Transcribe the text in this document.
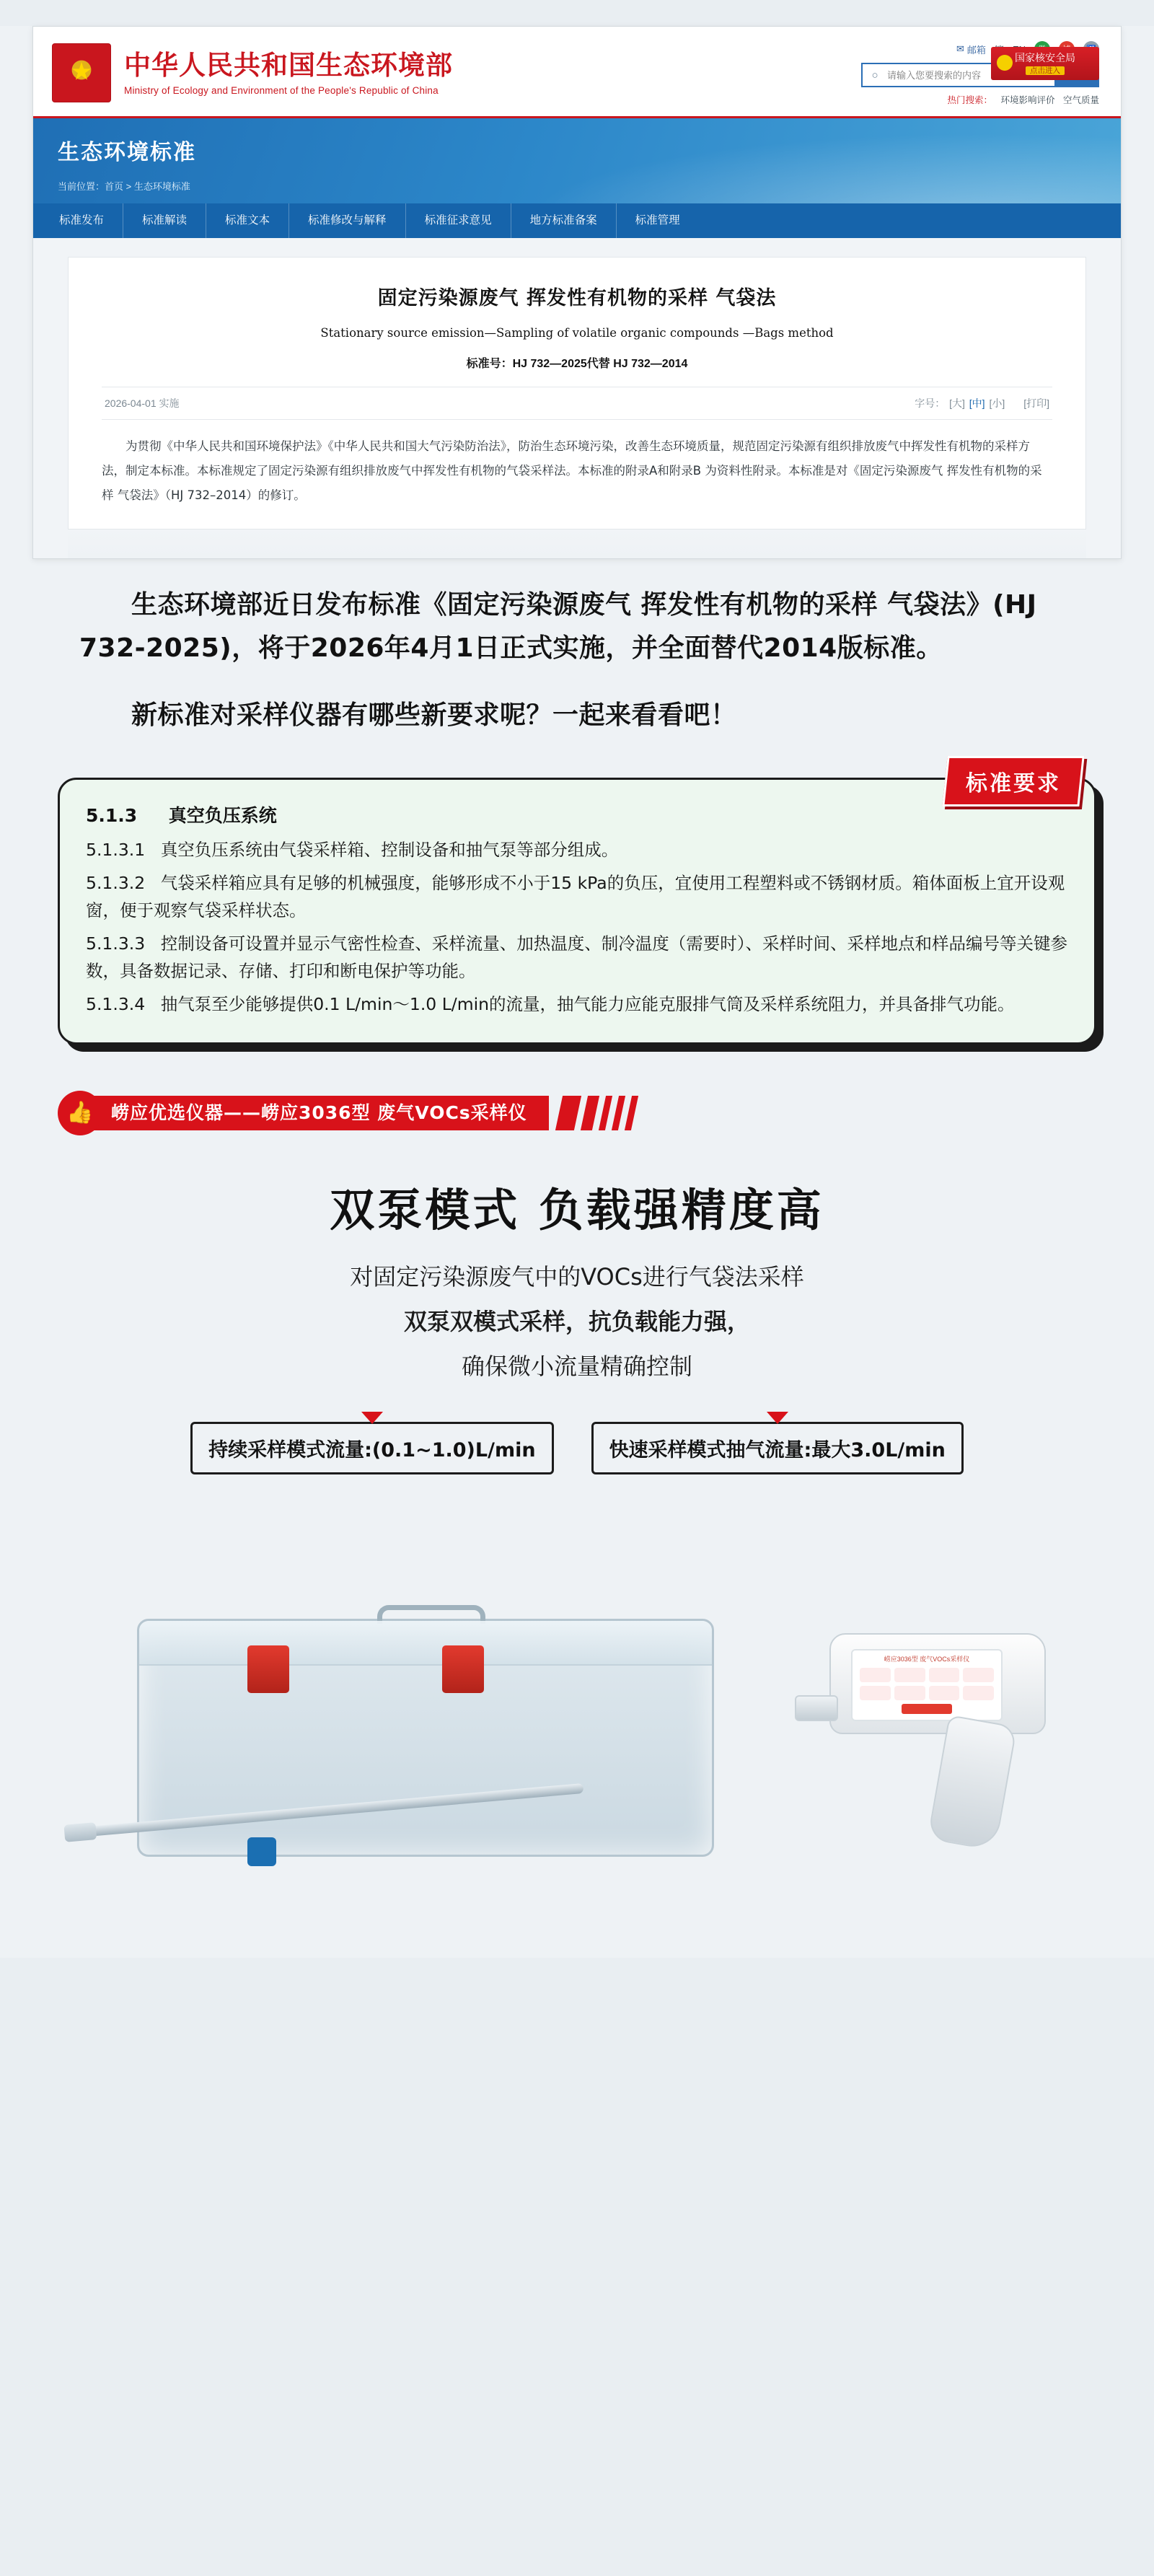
★
中华人民共和国生态环境部
Ministry of Ecology and Environment of the People's Republic of China
✉ 邮箱
○
请输入您要搜索的内容
热门搜索： 环境影响评价 空气质量
国家核安全局
点击进入
生态环境标准
当前位置：首页 > 生态环境标准
标准发布	标准解读	标准文本	标准修改与解释	标准征求意见	地方标准备案	标准管理
固定污染源废气 挥发性有机物的采样 气袋法
Stationary source emission—Sampling of volatile organic compounds —Bags method
标准号：HJ 732—2025代替 HJ 732—2014
2026-04-01 实施	字号： [大] [中] [小] [打印]
为贯彻《中华人民共和国环境保护法》《中华人民共和国大气污染防治法》，防治生态环境污染，改善生态环境质量，规范固定污染源有组织排放废气中挥发性有机物的采样方法，制定本标准。本标准规定了固定污染源有组织排放废气中挥发性有机物的气袋采样法。本标准的附录A和附录B 为资料性附录。本标准是对《固定污染源废气 挥发性有机物的采样 气袋法》（HJ 732–2014）的修订。

生态环境部近日发布标准《固定污染源废气 挥发性有机物的采样 气袋法》(HJ 732-2025)，将于2026年4月1日正式实施，并全面替代2014版标准。

新标准对采样仪器有哪些新要求呢？一起来看看吧！

标准要求
5.1.3 真空负压系统

5.1.3.1 真空负压系统由气袋采样箱、控制设备和抽气泵等部分组成。

5.1.3.2 气袋采样箱应具有足够的机械强度，能够形成不小于15 kPa的负压，宜使用工程塑料或不锈钢材质。箱体面板上宜开设观窗，便于观察气袋采样状态。

5.1.3.3 控制设备可设置并显示气密性检查、采样流量、加热温度、制冷温度（需要时）、采样时间、采样地点和样品编号等关键参数，具备数据记录、存储、打印和断电保护等功能。

5.1.3.4 抽气泵至少能够提供0.1 L/min～1.0 L/min的流量，抽气能力应能克服排气筒及采样系统阻力，并具备排气功能。

👍 崂应优选仪器——崂应3036型 废气VOCs采样仪
双泵模式 负载强精度高
对固定污染源废气中的VOCs进行气袋法采样
双泵双模式采样，抗负载能力强，
确保微小流量精确控制
持续采样模式流量:(0.1~1.0)L/min	快速采样模式抽气流量:最大3.0L/min
崂应3036型 废气VOCs采样仪
